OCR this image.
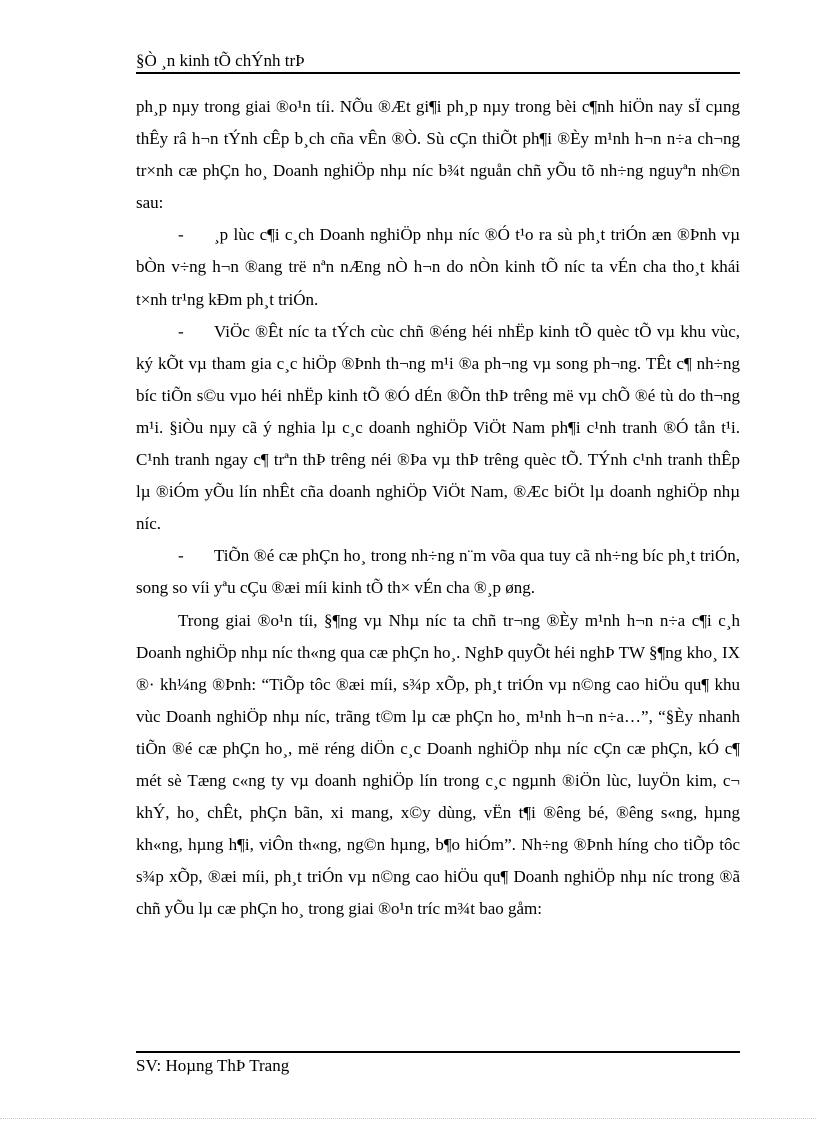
§Ò ¸n kinh tÕ chÝnh trÞ

ph¸p nµy trong giai ®o¹n tíi. NÕu ®Æt gi¶i ph¸p nµy trong bèi c¶nh hiÖn nay sÏ cµng thÊy râ h¬n tÝnh cÊp b¸ch cña vÊn ®Ò. Sù cÇn thiÕt ph¶i ®Èy m¹nh h¬n n÷a ch¬ng tr×nh cæ phÇn ho¸ Doanh nghiÖp nhµ níc b¾t nguån chñ yÕu tõ nh÷ng nguyªn nh©n sau:

- ¸p lùc c¶i c¸ch Doanh nghiÖp nhµ níc ®Ó t¹o ra sù ph¸t triÓn æn ®Þnh vµ bÒn v÷ng h¬n ®ang trë nªn nÆng nÒ h¬n do nÒn kinh tÕ níc ta vÉn cha tho¸t khái t×nh tr¹ng kÐm ph¸t triÓn.

- ViÖc ®Êt níc ta tÝch cùc chñ ®éng héi nhËp kinh tÕ quèc tÕ vµ khu vùc, ký kÕt vµ tham gia c¸c hiÖp ®Þnh th¬ng m¹i ®a ph¬ng vµ song ph¬ng. TÊt c¶ nh÷ng bíc tiÕn s©u vµo héi nhËp kinh tÕ ®Ó dÉn ®Õn thÞ trêng më vµ chÕ ®é tù do th¬ng m¹i. §iÒu nµy cã ý nghia lµ c¸c doanh nghiÖp ViÖt Nam ph¶i c¹nh tranh ®Ó tån t¹i. C¹nh tranh ngay c¶ trªn thÞ trêng néi ®Þa vµ thÞ trêng quèc tÕ. TÝnh c¹nh tranh thÊp lµ ®iÓm yÕu lín nhÊt cña doanh nghiÖp ViÖt Nam, ®Æc biÖt lµ doanh nghiÖp nhµ níc.

- TiÕn ®é cæ phÇn ho¸ trong nh÷ng n¨m võa qua tuy cã nh÷ng bíc ph¸t triÓn, song so víi yªu cÇu ®æi míi kinh tÕ th× vÉn cha ®¸p øng.

Trong giai ®o¹n tíi, §¶ng vµ Nhµ níc ta chñ tr¬ng ®Èy m¹nh h¬n n÷a c¶i c¸h Doanh nghiÖp nhµ níc th«ng qua cæ phÇn ho¸. NghÞ quyÕt héi nghÞ TW §¶ng kho¸ IX ®· kh¼ng ®Þnh: “TiÕp tôc ®æi míi, s¾p xÕp, ph¸t triÓn vµ n©ng cao hiÖu qu¶ khu vùc Doanh nghiÖp nhµ níc, trãng t©m lµ cæ phÇn ho¸ m¹nh h¬n n÷a…”, “§Èy nhanh tiÕn ®é cæ phÇn ho¸, më réng diÖn c¸c Doanh nghiÖp nhµ níc cÇn cæ phÇn, kÓ c¶ mét sè Tæng c«ng ty vµ doanh nghiÖp lín trong c¸c ngµnh ®iÖn lùc, luyÖn kim, c¬ khÝ, ho¸ chÊt, phÇn bãn, xi mang, x©y dùng, vËn t¶i ®êng bé, ®êng s«ng, hµng kh«ng, hµng h¶i, viÔn th«ng, ng©n hµng, b¶o hiÓm”. Nh÷ng ®Þnh híng cho tiÕp tôc s¾p xÕp, ®æi míi, ph¸t triÓn vµ n©ng cao hiÖu qu¶ Doanh nghiÖp nhµ níc trong ®ã chñ yÕu lµ cæ phÇn ho¸ trong giai ®o¹n tríc m¾t bao gåm:

SV: Hoµng ThÞ Trang
